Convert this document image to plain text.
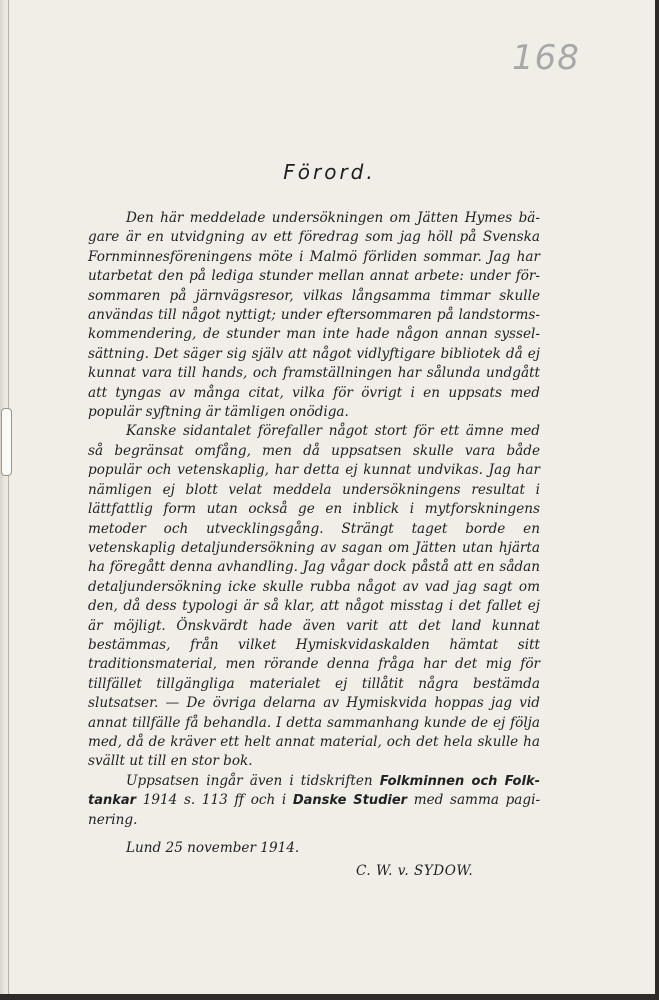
168
Förord.

Den här meddelade undersökningen om Jätten Hymes bägare är en utvidgning av ett föredrag som jag höll på Svenska Fornminnesföreningens möte i Malmö förliden sommar. Jag har utarbetat den på lediga stunder mellan annat arbete: under försommaren på järnvägsresor, vilkas långsamma timmar skulle användas till något nyttigt; under eftersommaren på landstormskommendering, de stunder man inte hade någon annan sysselsättning. Det säger sig själv att något vidlyftigare bibliotek då ej kunnat vara till hands, och framställningen har sålunda undgått att tyngas av många citat, vilka för övrigt i en uppsats med populär syftning är tämligen onödiga.

Kanske sidantalet förefaller något stort för ett ämne med så begränsat omfång, men då uppsatsen skulle vara både populär och vetenskaplig, har detta ej kunnat undvikas. Jag har nämligen ej blott velat meddela undersökningens resultat i lättfattlig form utan också ge en inblick i mytforskningens metoder och utvecklingsgång. Strängt taget borde en vetenskaplig detaljundersökning av sagan om Jätten utan hjärta ha föregått denna avhandling. Jag vågar dock påstå att en sådan detaljundersökning icke skulle rubba något av vad jag sagt om den, då dess typologi är så klar, att något misstag i det fallet ej är möjligt. Önskvärdt hade även varit att det land kunnat bestämmas, från vilket Hymiskvidaskalden hämtat sitt traditionsmaterial, men rörande denna fråga har det mig för tillfället tillgängliga materialet ej tillåtit några bestämda slutsatser. — De övriga delarna av Hymiskvida hoppas jag vid annat tillfälle få behandla. I detta sammanhang kunde de ej följa med, då de kräver ett helt annat material, och det hela skulle ha svällt ut till en stor bok.

Uppsatsen ingår även i tidskriften Folkminnen och Folktankar 1914 s. 113 ff och i Danske Studier med samma paginering.

Lund 25 november 1914.
C. W. v. SYDOW.
